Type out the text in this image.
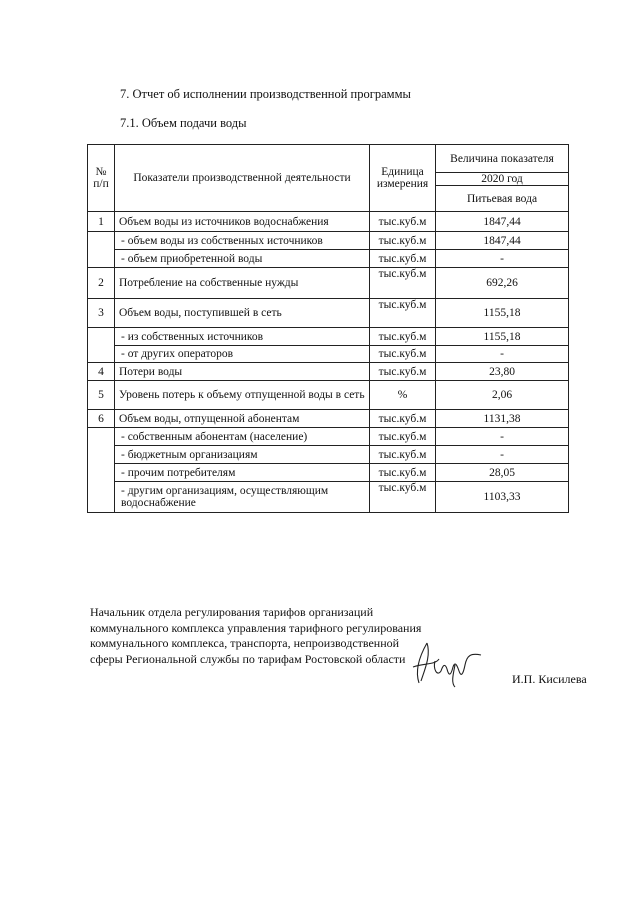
7. Отчет об исполнении производственной программы
7.1. Объем подачи воды
№ п/п	Показатели производственной деятельности	Единица измерения	Величина показателя
			2020 год
			Питьевая вода
1	Объем воды из источников водоснабжения	тыс.куб.м	1847,44
	- объем воды из собственных источников	тыс.куб.м	1847,44
	- объем приобретенной воды	тыс.куб.м	-
2	Потребление на собственные нужды	тыс.куб.м	692,26
3	Объем воды, поступившей в сеть	тыс.куб.м	1155,18
	- из собственных источников	тыс.куб.м	1155,18
	- от других операторов	тыс.куб.м	-
4	Потери воды	тыс.куб.м	23,80
5	Уровень потерь к объему отпущенной воды в сеть	%	2,06
6	Объем воды, отпущенной абонентам	тыс.куб.м	1131,38
	- собственным абонентам (население)	тыс.куб.м	-
	- бюджетным организациям	тыс.куб.м	-
	- прочим потребителям	тыс.куб.м	28,05
	- другим организациям, осуществляющим водоснабжение	тыс.куб.м	1103,33
Начальник отдела регулирования тарифов организаций коммунального комплекса управления тарифного регулирования коммунального комплекса, транспорта, непроизводственной сферы Региональной службы по тарифам Ростовской области
И.П. Кисилева
